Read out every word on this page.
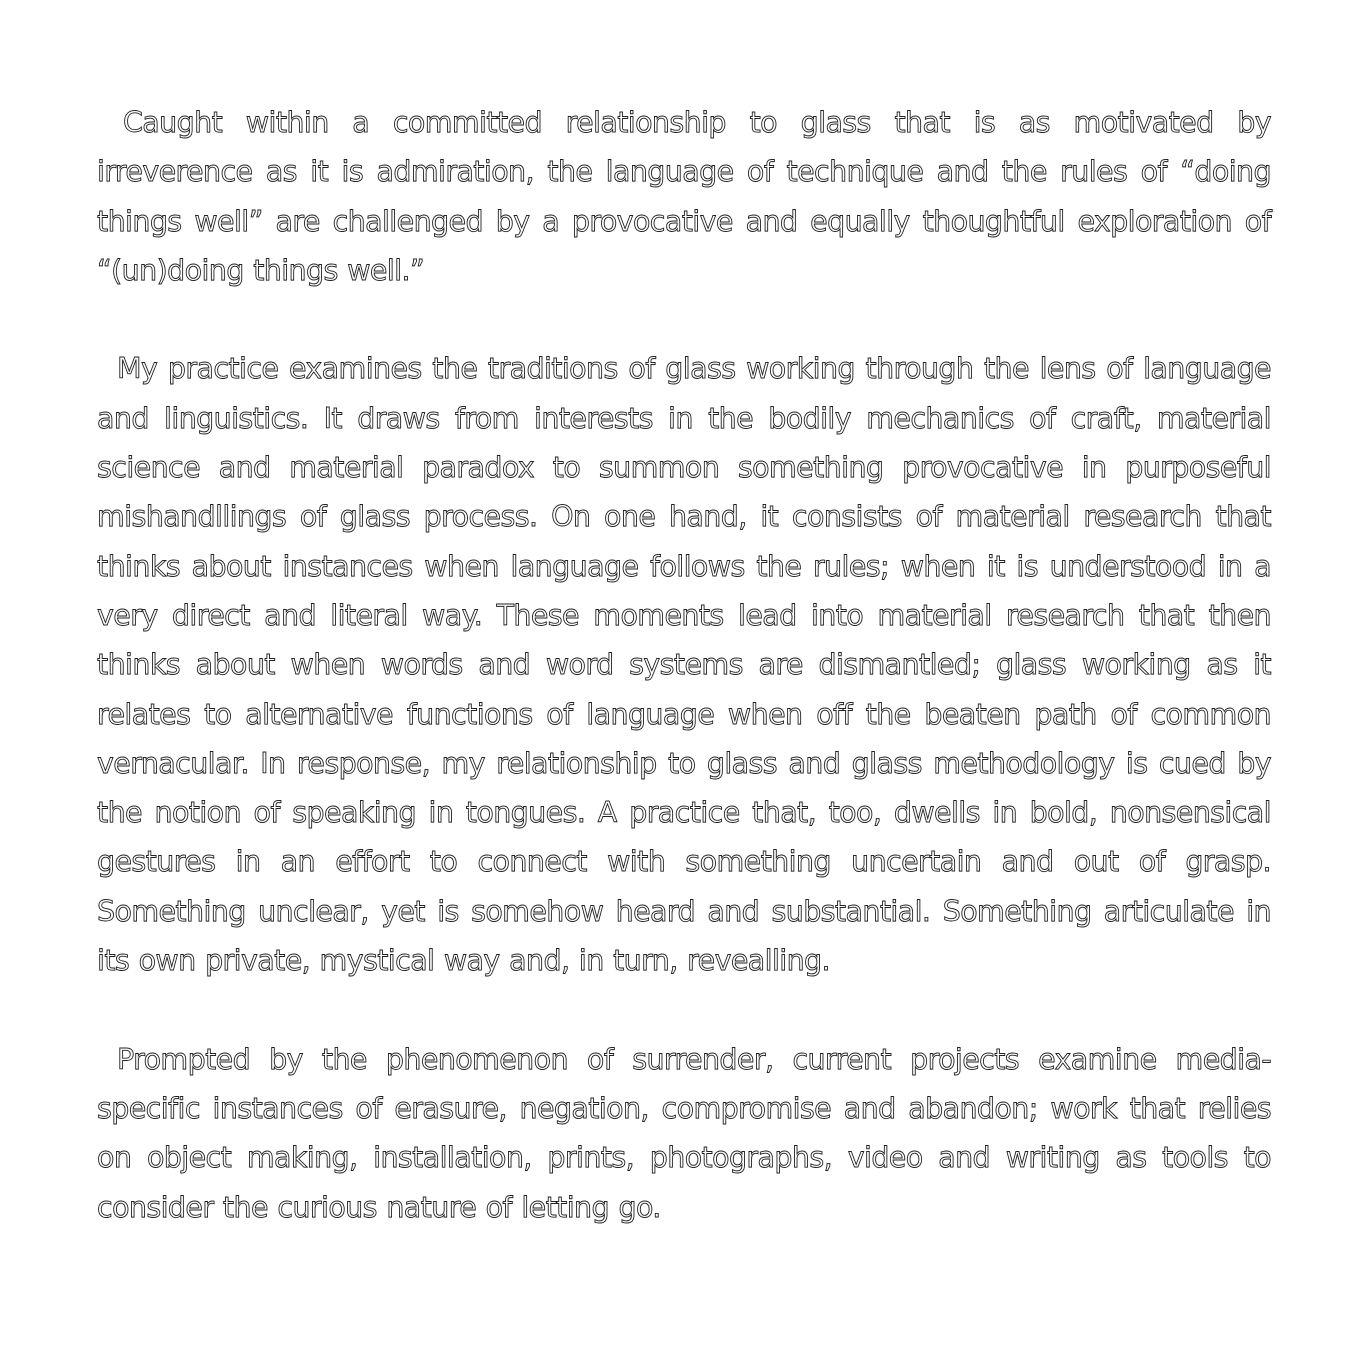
Caught within a committed relationship to glass that is as motivated by irreverence as it is admiration, the language of technique and the rules of “doing things well” are challenged by a provocative and equally thoughtful exploration of “(un)doing things well.”

My practice examines the traditions of glass working through the lens of language and linguistics. It draws from interests in the bodily mechanics of craft, material science and material paradox to summon something provocative in purposeful mishandllings of glass process. On one hand, it consists of material research that thinks about instances when language follows the rules; when it is understood in a very direct and literal way. These moments lead into material research that then thinks about when words and word systems are dismantled; glass working as it relates to alternative functions of language when off the beaten path of common vernacular. In response, my relationship to glass and glass methodology is cued by the notion of speaking in tongues. A practice that, too, dwells in bold, nonsensical gestures in an effort to connect with something uncertain and out of grasp. Something unclear, yet is somehow heard and substantial. Something articulate in its own private, mystical way and, in turn, revealling.

Prompted by the phenomenon of surrender, current projects examine media-specific instances of erasure, negation, compromise and abandon; work that relies on object making, installation, prints, photographs, video and writing as tools to consider the curious nature of letting go.
